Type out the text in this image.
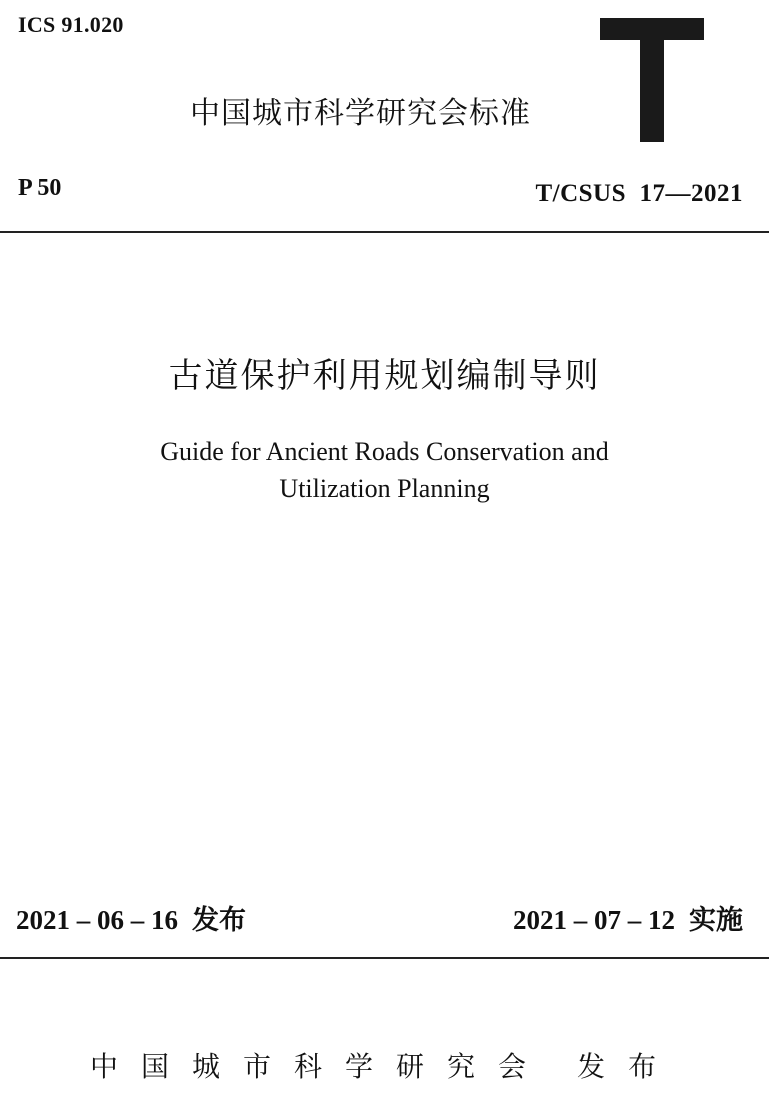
ICS 91.020
中国城市科学研究会标准
P 50	T/CSUS  17—2021
古道保护利用规划编制导则
Guide for Ancient Roads Conservation and
Utilization Planning
2021 – 06 – 16 发布	2021 – 07 – 12 实施
中国城市科学研究会 发布
